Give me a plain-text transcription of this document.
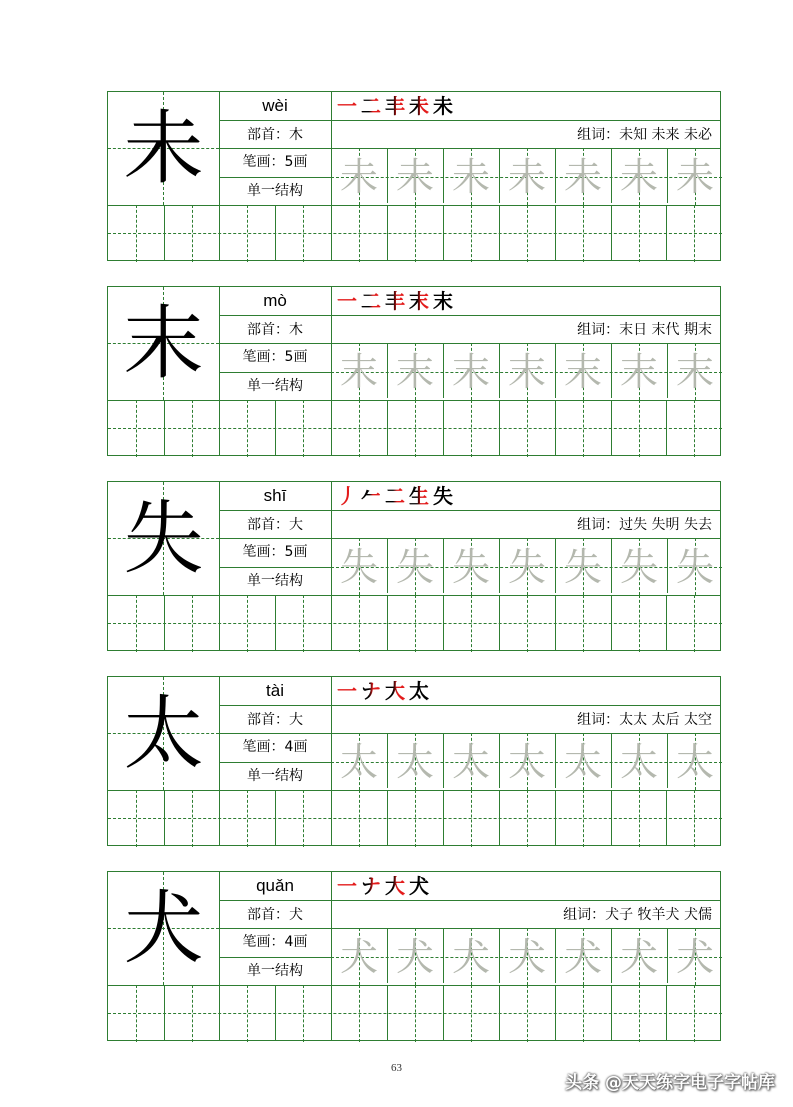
未	wèi
部首：木
笔画：5画
单一结构
一 二 丰 未 未
组词：未知 未来 未必
未 未 未 未 未 未 未
末	mò
部首：木
笔画：5画
单一结构
一 二 丰 末 末
组词：末日 末代 期末
末 末 末 末 末 末 末
失	shī
部首：大
笔画：5画
单一结构
丿 𠂉 二 生 失
组词：过失 失明 失去
失 失 失 失 失 失 失
太	tài
部首：大
笔画：4画
单一结构
一 ナ 大 太
组词：太太 太后 太空
太 太 太 太 太 太 太
犬	quǎn
部首：犬
笔画：4画
单一结构
一 ナ 大 犬
组词：犬子 牧羊犬 犬儒
犬 犬 犬 犬 犬 犬 犬
63
头条 @天天练字电子字帖库
